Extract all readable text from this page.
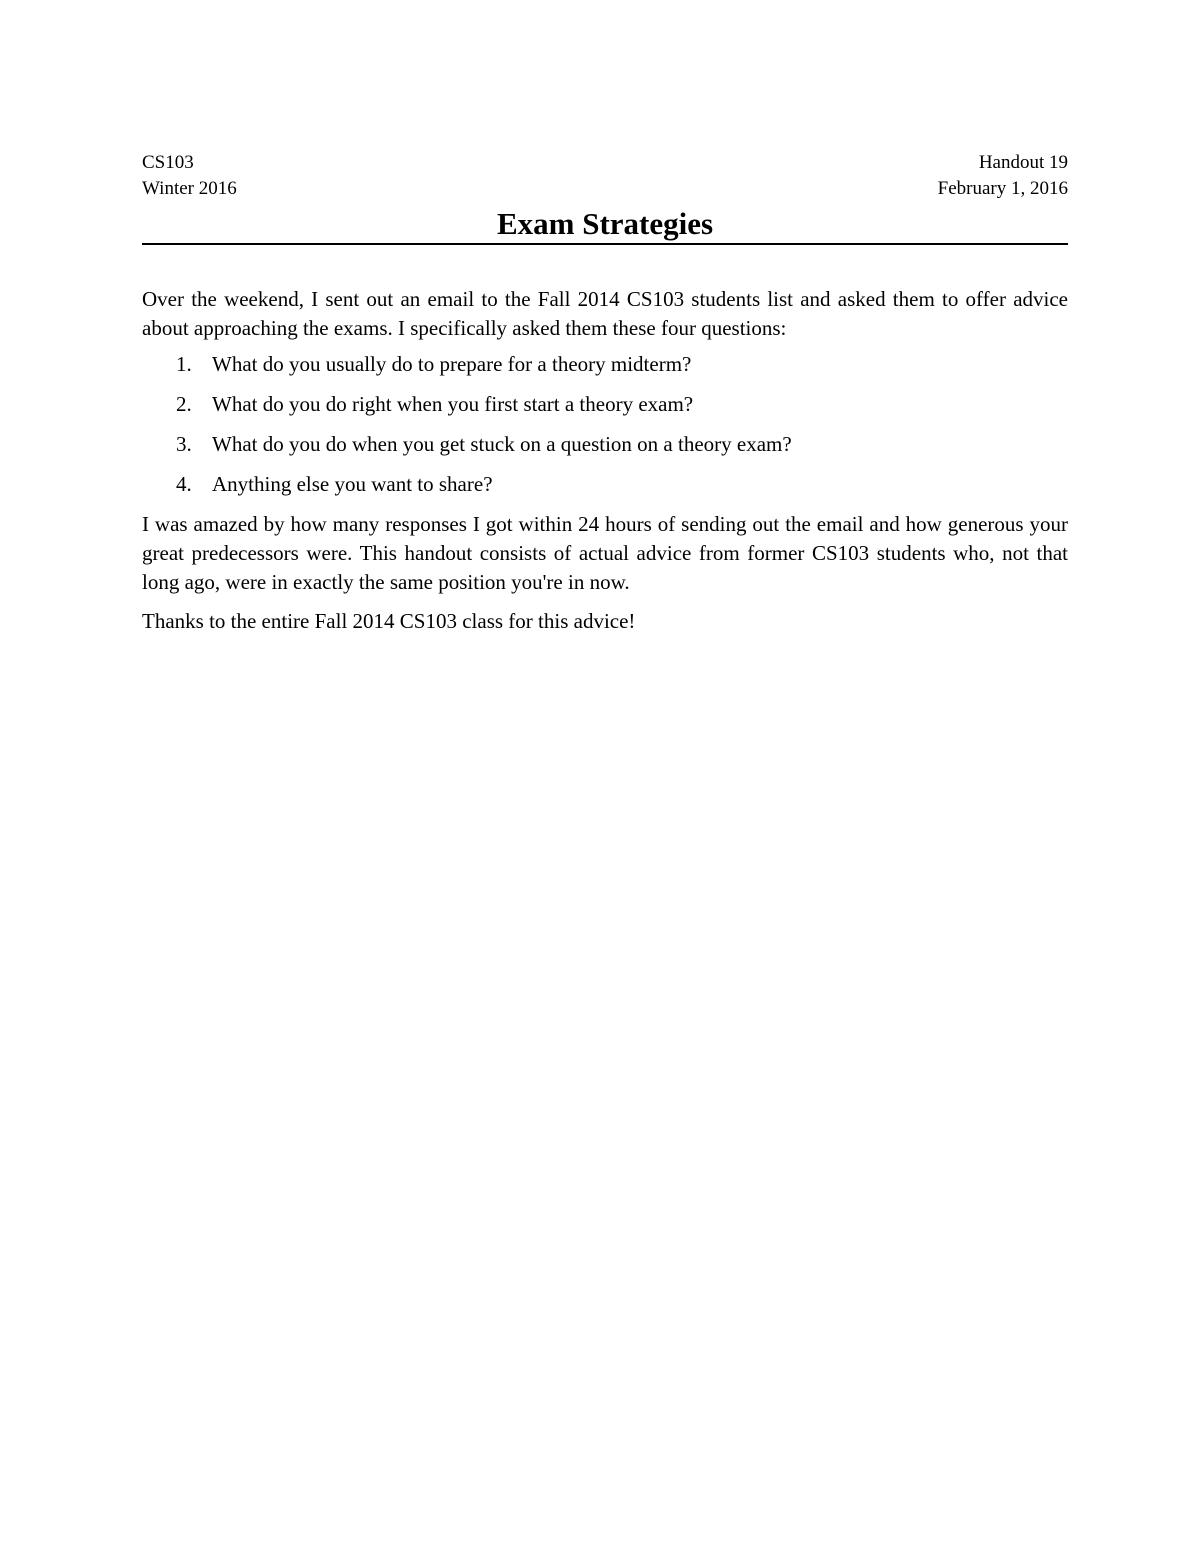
CS103	Handout 19
Winter 2016	February 1, 2016
Exam Strategies

Over the weekend, I sent out an email to the Fall 2014 CS103 students list and asked them to offer advice about approaching the exams. I specifically asked them these four questions:

1. What do you usually do to prepare for a theory midterm?
2. What do you do right when you first start a theory exam?
3. What do you do when you get stuck on a question on a theory exam?
4. Anything else you want to share?

I was amazed by how many responses I got within 24 hours of sending out the email and how generous your great predecessors were. This handout consists of actual advice from former CS103 students who, not that long ago, were in exactly the same position you're in now.

Thanks to the entire Fall 2014 CS103 class for this advice!
